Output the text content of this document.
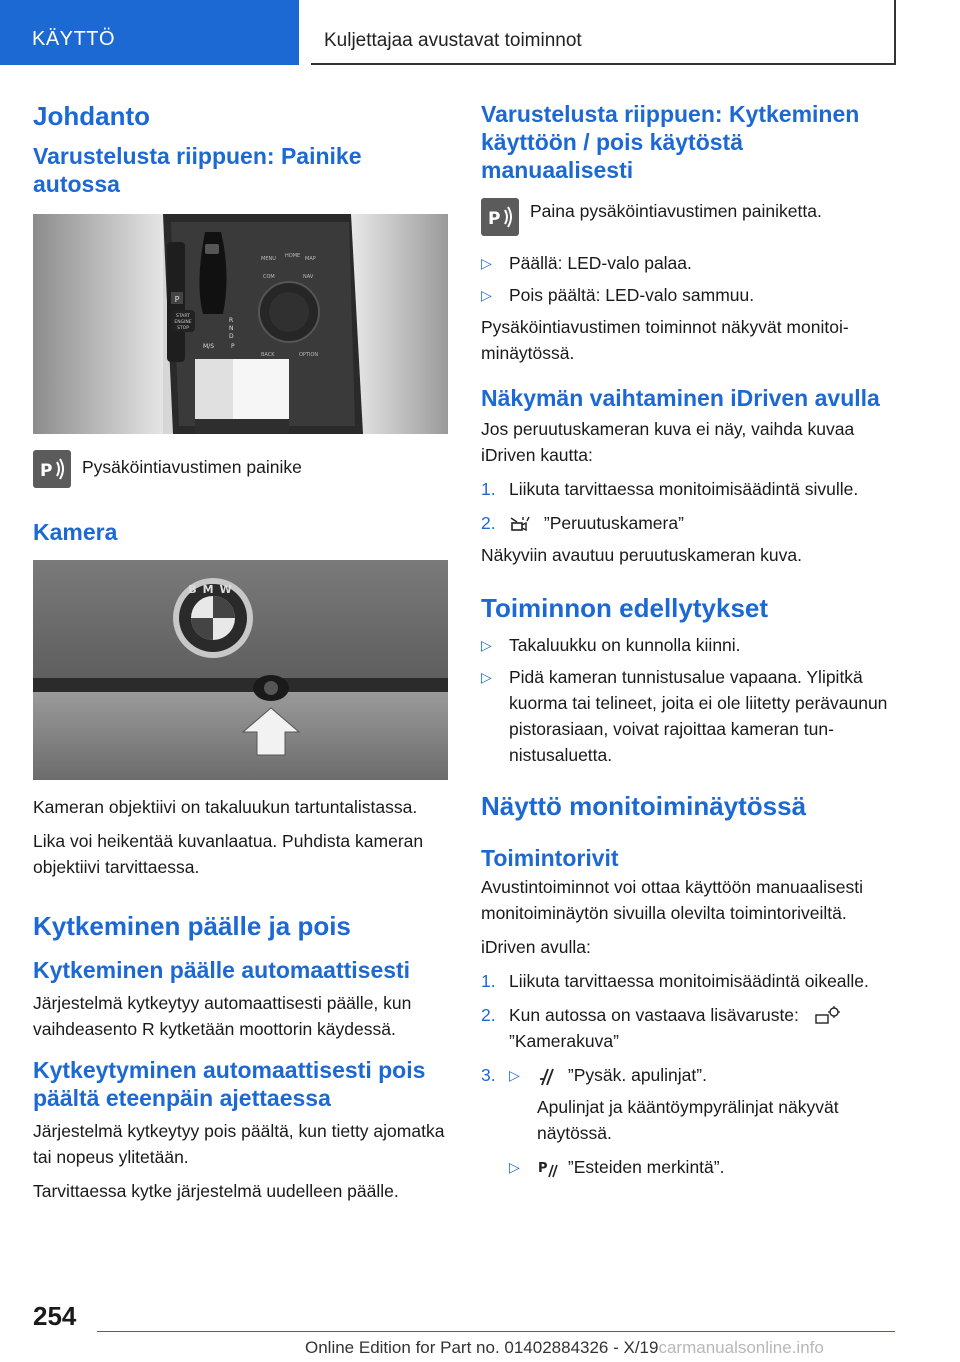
KÄYTTÖ	Kuljettajaa avustavat toiminnot
Johdanto
Varustelusta riippuen: Painike autossa
P
START
ENGINE
STOP
R
N
D
M/S	P
MENU HOME MAP
COM	NAV
BACK	OPTION
P Pysäköintiavustimen painike
Kamera
BMW

Kameran objektiivi on takaluukun tartuntalistassa.

Lika voi heikentää kuvanlaatua. Puhdista kameran objektiivi tarvittaessa.

Kytkeminen päälle ja pois
Kytkeminen päälle automaattisesti

Järjestelmä kytkeytyy automaattisesti päälle, kun vaihdeasento R kytketään moottorin käydessä.

Kytkeytyminen automaattisesti pois päältä eteenpäin ajettaessa

Järjestelmä kytkeytyy pois päältä, kun tietty ajomatka tai nopeus ylitetään.

Tarvittaessa kytke järjestelmä uudelleen päälle.

Varustelusta riippuen: Kytkeminen käyttöön / pois käytöstä manuaalisesti
P Paina pysäköintiavustimen painiketta.
▷ Päällä: LED-valo palaa.
▷ Pois päältä: LED-valo sammuu.

Pysäköintiavustimen toiminnot näkyvät monitoiminäytössä.

Näkymän vaihtaminen iDriven avulla

Jos peruutuskameran kuva ei näy, vaihda kuvaa iDriven kautta:

1. Liikuta tarvittaessa monitoimisäädintä sivulle.
2.	”Peruutuskamera”

Näkyviin avautuu peruutuskameran kuva.

Toiminnon edellytykset
▷ Takaluukku on kunnolla kiinni.
▷ Pidä kameran tunnistusalue vapaana. Ylipitkä kuorma tai telineet, joita ei ole liitetty perävaunun pistorasiaan, voivat rajoittaa kameran tunnistusaluetta.
Näyttö monitoiminäytössä
Toimintorivit

Avustintoiminnot voi ottaa käyttöön manuaalisesti monitoiminäytön sivuilla olevilta toimintoriveiltä.

iDriven avulla:

1. Liikuta tarvittaessa monitoimisäädintä oikealle.
2. Kun autossa on vastaava lisävaruste:
”Kamerakuva”
3. ▷	”Pysäk. apulinjat”.
Apulinjat ja kääntöympyrälinjat näkyvät näytössä.
▷ P ”Esteiden merkintä”.
254
Online Edition for Part no. 01402884326 - X/19carmanualsonline.info
